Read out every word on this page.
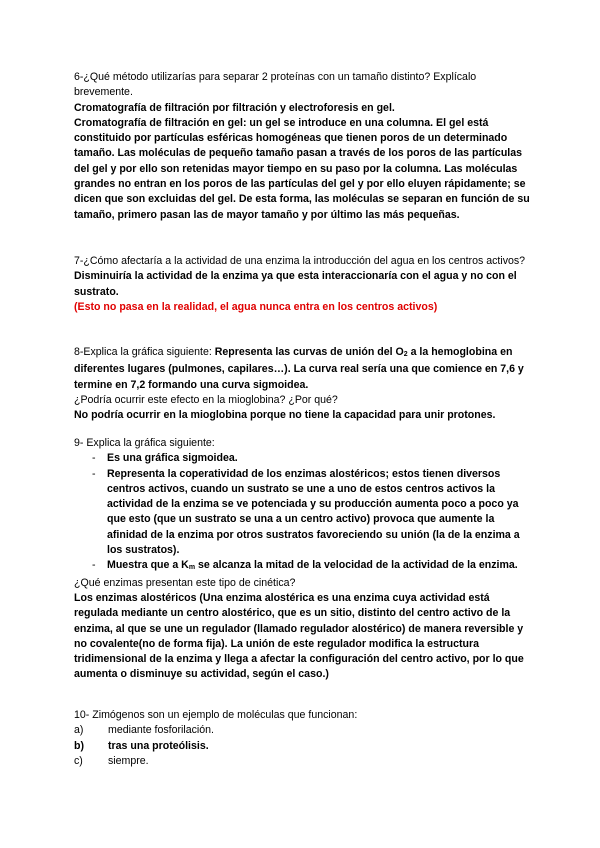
6-¿Qué método utilizarías para separar 2 proteínas con un tamaño distinto? Explícalo brevemente.

Cromatografía de filtración por filtración y electroforesis en gel.

Cromatografía de filtración en gel: un gel se introduce en una columna. El gel está constituido por partículas esféricas homogéneas que tienen poros de un determinado tamaño. Las moléculas de pequeño tamaño pasan a través de los poros de las partículas del gel y por ello son retenidas mayor tiempo en su paso por la columna. Las moléculas grandes no entran en los poros de las partículas del gel y por ello eluyen rápidamente; se dicen que son excluidas del gel. De esta forma, las moléculas se separan en función de su tamaño, primero pasan las de mayor tamaño y por último las más pequeñas.

7-¿Cómo afectaría a la actividad de una enzima la introducción del agua en los centros activos?

Disminuiría la actividad de la enzima ya que esta interaccionaría con el agua y no con el sustrato.

(Esto no pasa en la realidad, el agua nunca entra en los centros activos)

8-Explica la gráfica siguiente: Representa las curvas de unión del O2 a la hemoglobina en diferentes lugares (pulmones, capilares…). La curva real sería una que comience en 7,6 y termine en 7,2 formando una curva sigmoidea.

¿Podría ocurrir este efecto en la mioglobina? ¿Por qué?

No podría ocurrir en la mioglobina porque no tiene la capacidad para unir protones.

9- Explica la gráfica siguiente:

- Es una gráfica sigmoidea.
- Representa la coperatividad de los enzimas alostéricos; estos tienen diversos centros activos, cuando un sustrato se une a uno de estos centros activos la actividad de la enzima se ve potenciada y su producción aumenta poco a poco ya que esto (que un sustrato se una a un centro activo) provoca que aumente la afinidad de la enzima por otros sustratos favoreciendo su unión (la de la enzima a los sustratos).
- Muestra que a Km se alcanza la mitad de la velocidad de la actividad de la enzima.

¿Qué enzimas presentan este tipo de cinética?

Los enzimas alostéricos (Una enzima alostérica es una enzima cuya actividad está regulada mediante un centro alostérico, que es un sitio, distinto del centro activo de la enzima, al que se une un regulador (llamado regulador alostérico) de manera reversible y no covalente(no de forma fija). La unión de este regulador modifica la estructura tridimensional de la enzima y llega a afectar la configuración del centro activo, por lo que aumenta o disminuye su actividad, según el caso.)

10- Zimógenos son un ejemplo de moléculas que funcionan:

a)	mediante fosforilación.
b)	tras una proteólisis.
c)	siempre.
